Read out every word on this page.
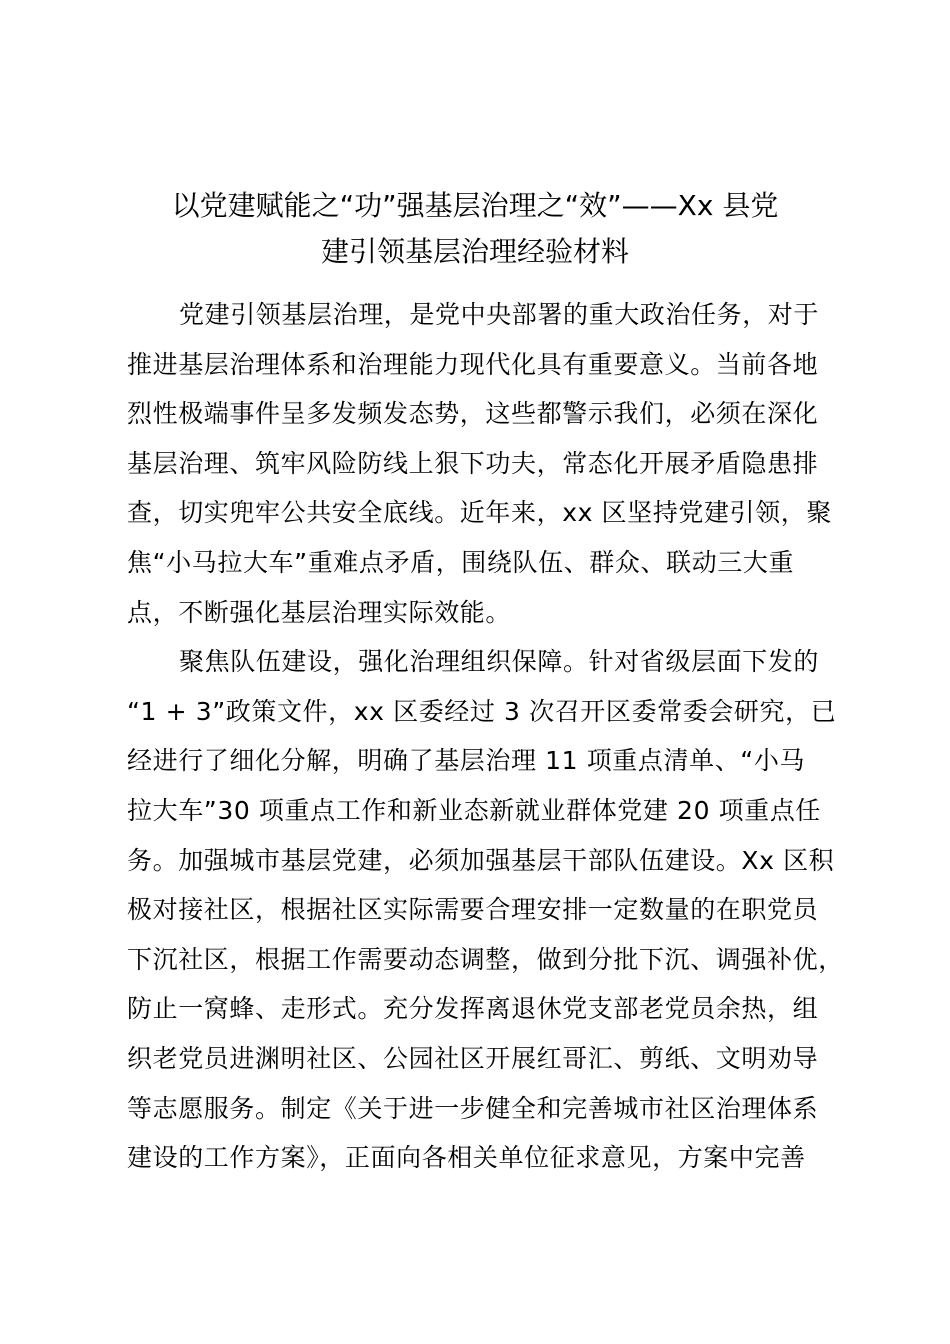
以党建赋能之“功”强基层治理之“效”——Xx 县党
建引领基层治理经验材料
党建引领基层治理，是党中央部署的重大政治任务，对于
推进基层治理体系和治理能力现代化具有重要意义。当前各地
烈性极端事件呈多发频发态势，这些都警示我们，必须在深化
基层治理、筑牢风险防线上狠下功夫，常态化开展矛盾隐患排
查，切实兜牢公共安全底线。近年来，xx 区坚持党建引领，聚
焦“小马拉大车”重难点矛盾，围绕队伍、群众、联动三大重
点，不断强化基层治理实际效能。
聚焦队伍建设，强化治理组织保障。针对省级层面下发的
“1 + 3”政策文件，xx 区委经过 3 次召开区委常委会研究，已
经进行了细化分解，明确了基层治理 11 项重点清单、“小马
拉大车”30 项重点工作和新业态新就业群体党建 20 项重点任
务。加强城市基层党建，必须加强基层干部队伍建设。Xx 区积
极对接社区，根据社区实际需要合理安排一定数量的在职党员
下沉社区，根据工作需要动态调整，做到分批下沉、调强补优，
防止一窝蜂、走形式。充分发挥离退休党支部老党员余热，组
织老党员进渊明社区、公园社区开展红哥汇、剪纸、文明劝导
等志愿服务。制定《关于进一步健全和完善城市社区治理体系
建设的工作方案》，正面向各相关单位征求意见，方案中完善
